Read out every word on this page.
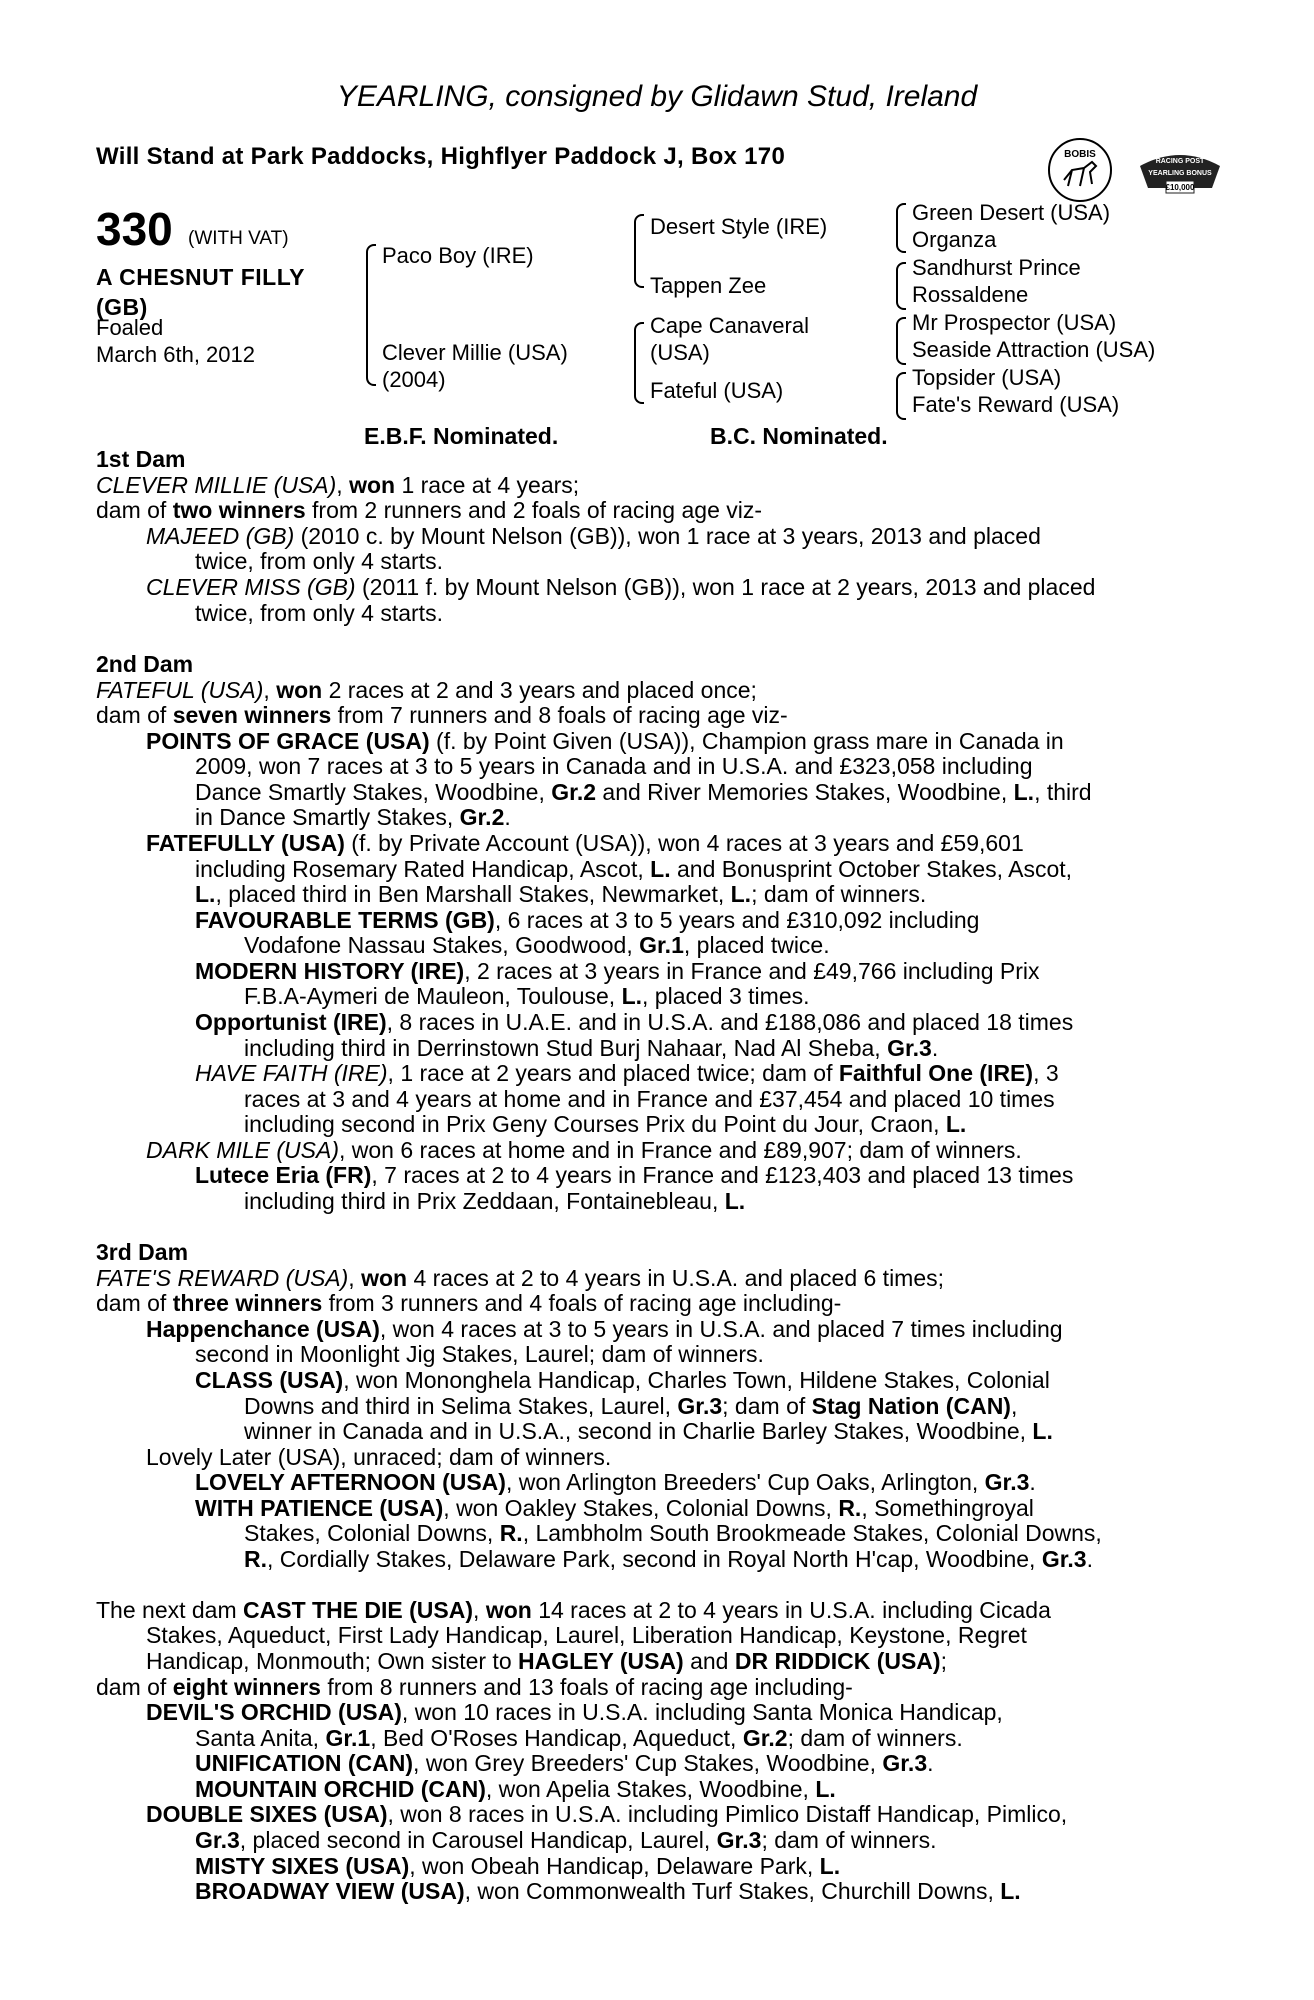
YEARLING, consigned by Glidawn Stud, Ireland
Will Stand at Park Paddocks, Highflyer Paddock J, Box 170	BOBIS
RACING POST
YEARLING BONUS
£10,000
330 (WITH VAT)
A CHESNUT FILLY
(GB)
Foaled
March 6th, 2012
Paco Boy (IRE)
Clever Millie (USA)
(2004)
Desert Style (IRE)
Tappen Zee
Cape Canaveral
(USA)
Fateful (USA)
Green Desert (USA)
Organza
Sandhurst Prince
Rossaldene
Mr Prospector (USA)
Seaside Attraction (USA)
Topsider (USA)
Fate's Reward (USA)
E.B.F. Nominated.	B.C. Nominated.
1st Dam
CLEVER MILLIE (USA), won 1 race at 4 years;
dam of two winners from 2 runners and 2 foals of racing age viz-
MAJEED (GB) (2010 c. by Mount Nelson (GB)), won 1 race at 3 years, 2013 and placed
twice, from only 4 starts.
CLEVER MISS (GB) (2011 f. by Mount Nelson (GB)), won 1 race at 2 years, 2013 and placed
twice, from only 4 starts.
2nd Dam
FATEFUL (USA), won 2 races at 2 and 3 years and placed once;
dam of seven winners from 7 runners and 8 foals of racing age viz-
POINTS OF GRACE (USA) (f. by Point Given (USA)), Champion grass mare in Canada in
2009, won 7 races at 3 to 5 years in Canada and in U.S.A. and £323,058 including
Dance Smartly Stakes, Woodbine, Gr.2 and River Memories Stakes, Woodbine, L., third
in Dance Smartly Stakes, Gr.2.
FATEFULLY (USA) (f. by Private Account (USA)), won 4 races at 3 years and £59,601
including Rosemary Rated Handicap, Ascot, L. and Bonusprint October Stakes, Ascot,
L., placed third in Ben Marshall Stakes, Newmarket, L.; dam of winners.
FAVOURABLE TERMS (GB), 6 races at 3 to 5 years and £310,092 including
Vodafone Nassau Stakes, Goodwood, Gr.1, placed twice.
MODERN HISTORY (IRE), 2 races at 3 years in France and £49,766 including Prix
F.B.A-Aymeri de Mauleon, Toulouse, L., placed 3 times.
Opportunist (IRE), 8 races in U.A.E. and in U.S.A. and £188,086 and placed 18 times
including third in Derrinstown Stud Burj Nahaar, Nad Al Sheba, Gr.3.
HAVE FAITH (IRE), 1 race at 2 years and placed twice; dam of Faithful One (IRE), 3
races at 3 and 4 years at home and in France and £37,454 and placed 10 times
including second in Prix Geny Courses Prix du Point du Jour, Craon, L.
DARK MILE (USA), won 6 races at home and in France and £89,907; dam of winners.
Lutece Eria (FR), 7 races at 2 to 4 years in France and £123,403 and placed 13 times
including third in Prix Zeddaan, Fontainebleau, L.
3rd Dam
FATE'S REWARD (USA), won 4 races at 2 to 4 years in U.S.A. and placed 6 times;
dam of three winners from 3 runners and 4 foals of racing age including-
Happenchance (USA), won 4 races at 3 to 5 years in U.S.A. and placed 7 times including
second in Moonlight Jig Stakes, Laurel; dam of winners.
CLASS (USA), won Mononghela Handicap, Charles Town, Hildene Stakes, Colonial
Downs and third in Selima Stakes, Laurel, Gr.3; dam of Stag Nation (CAN),
winner in Canada and in U.S.A., second in Charlie Barley Stakes, Woodbine, L.
Lovely Later (USA), unraced; dam of winners.
LOVELY AFTERNOON (USA), won Arlington Breeders' Cup Oaks, Arlington, Gr.3.
WITH PATIENCE (USA), won Oakley Stakes, Colonial Downs, R., Somethingroyal
Stakes, Colonial Downs, R., Lambholm South Brookmeade Stakes, Colonial Downs,
R., Cordially Stakes, Delaware Park, second in Royal North H'cap, Woodbine, Gr.3.
The next dam CAST THE DIE (USA), won 14 races at 2 to 4 years in U.S.A. including Cicada
Stakes, Aqueduct, First Lady Handicap, Laurel, Liberation Handicap, Keystone, Regret
Handicap, Monmouth; Own sister to HAGLEY (USA) and DR RIDDICK (USA);
dam of eight winners from 8 runners and 13 foals of racing age including-
DEVIL'S ORCHID (USA), won 10 races in U.S.A. including Santa Monica Handicap,
Santa Anita, Gr.1, Bed O'Roses Handicap, Aqueduct, Gr.2; dam of winners.
UNIFICATION (CAN), won Grey Breeders' Cup Stakes, Woodbine, Gr.3.
MOUNTAIN ORCHID (CAN), won Apelia Stakes, Woodbine, L.
DOUBLE SIXES (USA), won 8 races in U.S.A. including Pimlico Distaff Handicap, Pimlico,
Gr.3, placed second in Carousel Handicap, Laurel, Gr.3; dam of winners.
MISTY SIXES (USA), won Obeah Handicap, Delaware Park, L.
BROADWAY VIEW (USA), won Commonwealth Turf Stakes, Churchill Downs, L.
